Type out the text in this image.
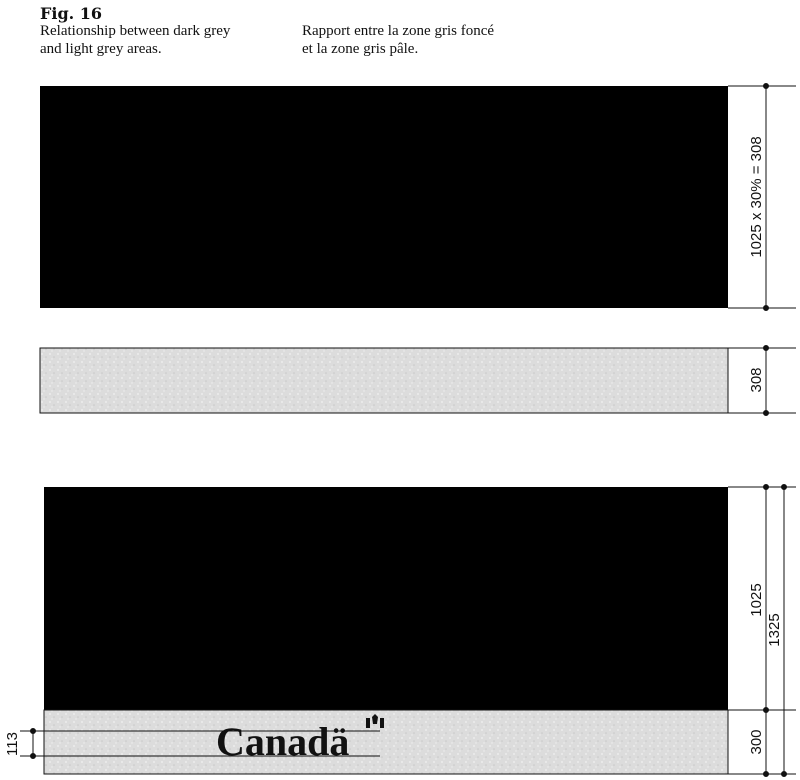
Fig. 16
Relationship between dark grey
and light grey areas.
Rapport entre la zone gris foncé
et la zone gris pâle.
1025 x 30% = 308
308
Canadä
113
1025
1325
300
